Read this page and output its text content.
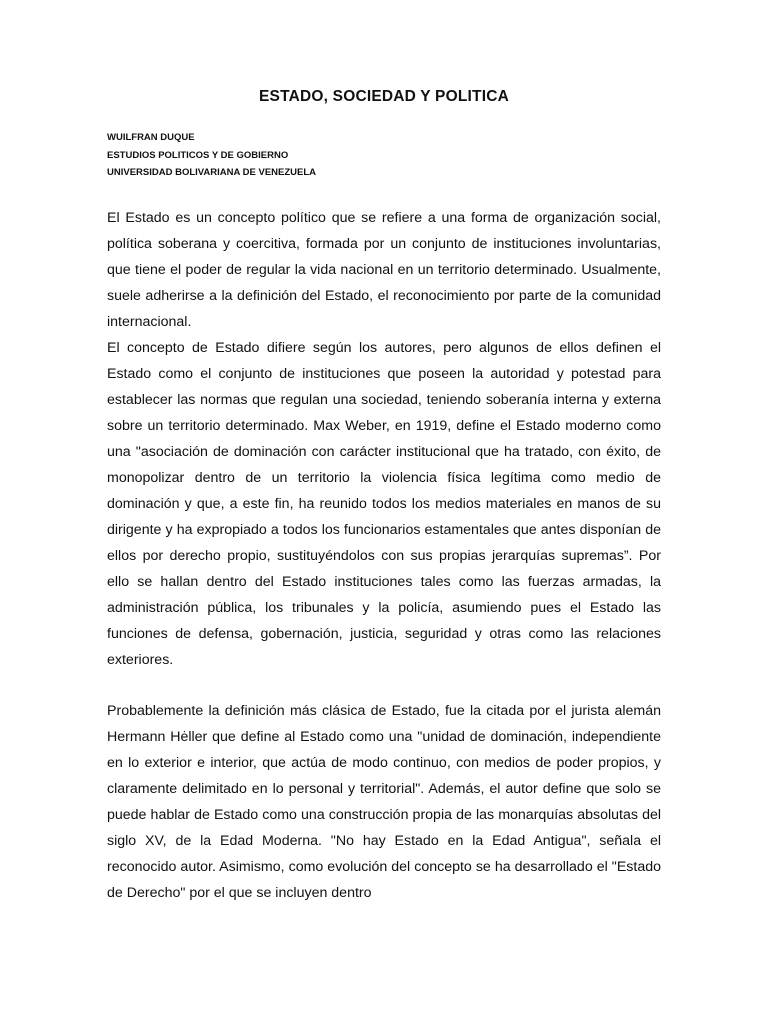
ESTADO, SOCIEDAD Y POLITICA
WUILFRAN DUQUE
ESTUDIOS POLITICOS Y DE GOBIERNO
UNIVERSIDAD BOLIVARIANA DE VENEZUELA

El Estado es un concepto político que se refiere a una forma de organización social, política soberana y coercitiva, formada por un conjunto de instituciones involuntarias, que tiene el poder de regular la vida nacional en un territorio determinado. Usualmente, suele adherirse a la definición del Estado, el reconocimiento por parte de la comunidad internacional.

El concepto de Estado difiere según los autores, pero algunos de ellos definen el Estado como el conjunto de instituciones que poseen la autoridad y potestad para establecer las normas que regulan una sociedad, teniendo soberanía interna y externa sobre un territorio determinado. Max Weber, en 1919, define el Estado moderno como una "asociación de dominación con carácter institucional que ha tratado, con éxito, de monopolizar dentro de un territorio la violencia física legítima como medio de dominación y que, a este fin, ha reunido todos los medios materiales en manos de su dirigente y ha expropiado a todos los funcionarios estamentales que antes disponían de ellos por derecho propio, sustituyéndolos con sus propias jerarquías supremas”. Por ello se hallan dentro del Estado instituciones tales como las fuerzas armadas, la administración pública, los tribunales y la policía, asumiendo pues el Estado las funciones de defensa, gobernación, justicia, seguridad y otras como las relaciones exteriores.

Probablemente la definición más clásica de Estado, fue la citada por el jurista alemán Hermann Hėller que define al Estado como una "unidad de dominación, independiente en lo exterior e interior, que actúa de modo continuo, con medios de poder propios, y claramente delimitado en lo personal y territorial". Además, el autor define que solo se puede hablar de Estado como una construcción propia de las monarquías absolutas del siglo XV, de la Edad Moderna. "No hay Estado en la Edad Antigua", señala el reconocido autor. Asimismo, como evolución del concepto se ha desarrollado el "Estado de Derecho" por el que se incluyen dentro
